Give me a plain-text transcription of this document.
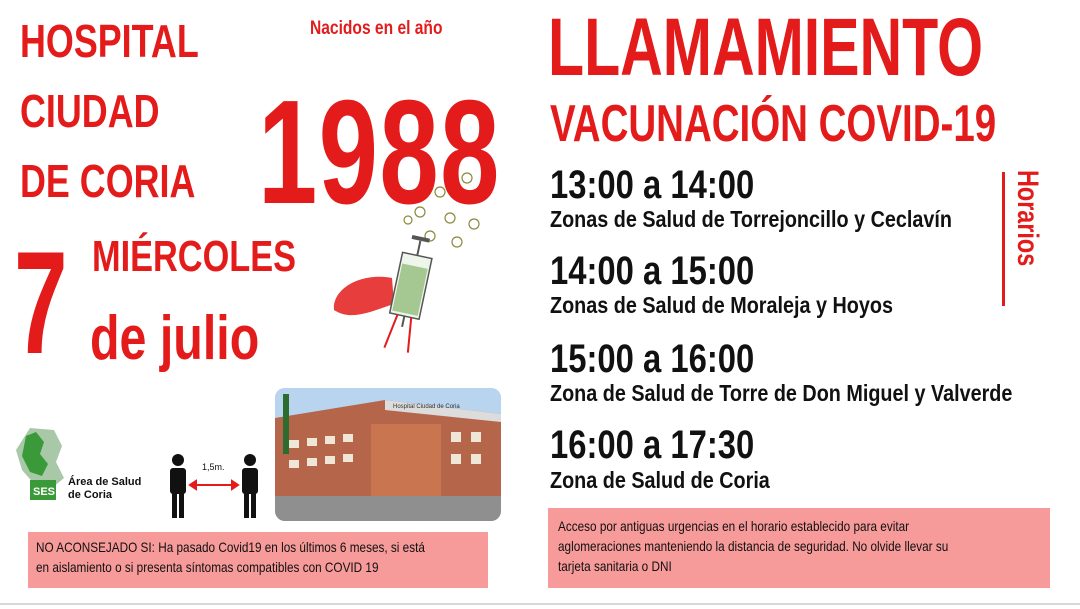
HOSPITAL
CIUDAD
DE CORIA
Nacidos en el año
1988
7 MIÉRCOLES
de julio
LLAMAMIENTO
VACUNACIÓN COVID-19
13:00 a 14:00
Zonas de Salud de Torrejoncillo y Ceclavín
14:00 a 15:00
Zonas de Salud de Moraleja y Hoyos
15:00 a 16:00
Zona de Salud de Torre de Don Miguel y Valverde
16:00 a 17:30
Zona de Salud de Coria
Horarios
SES
Área de Salud
de Coria
1,5m.
Hospital Ciudad de Coria
NO ACONSEJADO SI: Ha pasado Covid19 en los últimos 6 meses, si está
en aislamiento o si presenta síntomas compatibles con COVID 19
Acceso por antiguas urgencias en el horario establecido para evitar
aglomeraciones manteniendo la distancia de seguridad. No olvide llevar su
tarjeta sanitaria o DNI
